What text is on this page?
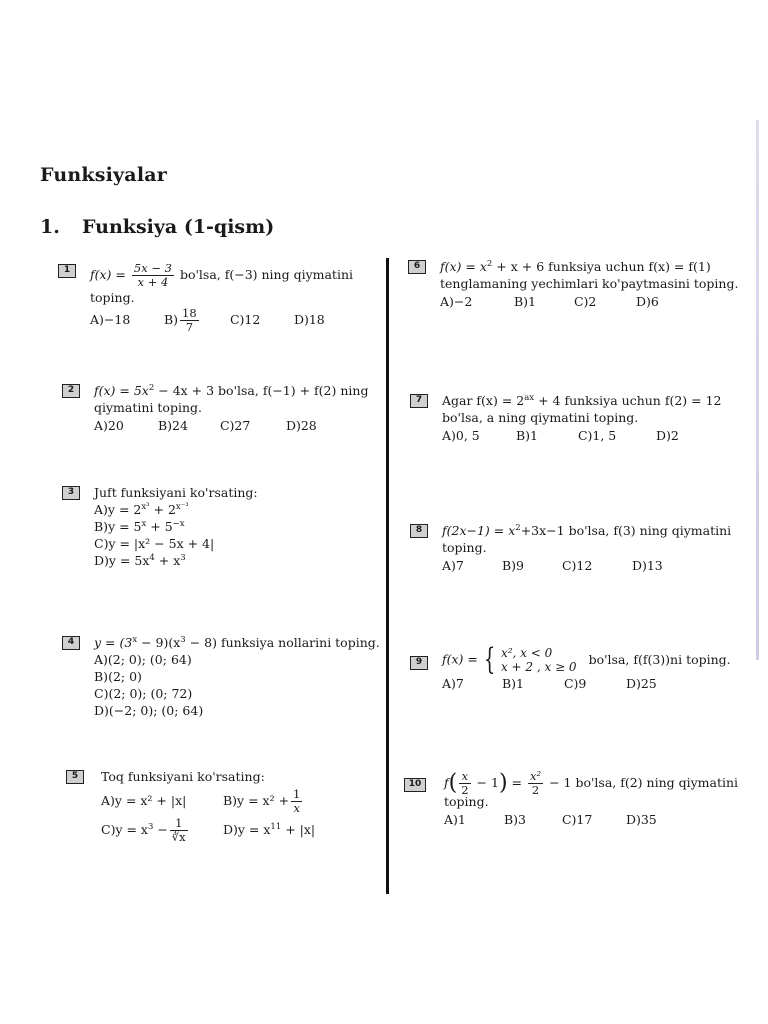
Funksiyalar
1. Funksiya (1-qism)
1	$f(x) = \frac{5x - 3}{x + 4} bo'lsa$, f(−3) ning qiymatini
toping.
A)−18	$B) \frac{18}{7}$	C)12	D)18
2	$f(x) = 5x^2 - 4x + 3$ bo'lsa, f(−1) + f(2) ning
qiymatini toping.
A)20	B)24	C)27	D)28
3	Juft funksiyani ko'rsating:
$A)y = 2^{x^3} + 2^{x^{-3}}$
$B)y = 5^x + 5^{-x}$
C)y = |x² − 5x + 4|
$D)y = 5x^4 + x^3$
4	$y = (3^x - 9)(x^3 - 8)$ funksiya nollarini toping.
A)(2; 0); (0; 64)
B)(2; 0)
C)(2; 0); (0; 72)
D)(−2; 0); (0; 64)
5	Toq funksiyani ko'rsating:
A)y = x² + |x|	$B)y = x^2 + \frac{1}{x}$
$C)y = x^3 - \frac{1}{∛x}$	$D)y = x^{11} + |x|$
6	$f(x) = x^2 + x + 6$ funksiya uchun f(x) = f(1)
tenglamaning yechimlari ko'paytmasini toping.
A)−2	B)1	C)2	D)6
7	Agar $f(x) = 2^{ax} + 4$ funksiya uchun f(2) = 12
bo'lsa, a ning qiymatini toping.
A)0, 5	B)1	C)1, 5	D)2
8	$f(2x-1) = x^2+3x-1$ bo'lsa, f(3) ning qiymatini
toping.
A)7	B)9	C)12	D)13
9	f(x) = { x², x < 0
x + 2 , x ≥ 0
bo'lsa, f(f(3))ni toping.
A)7	B)1	C)9	D)25
10	$f( \frac{x}{2} - 1) = \frac{\text{x²}}{2} - 1$ bo'lsa, f(2) ning qiymatini
toping.
A)1	B)3	C)17	D)35
